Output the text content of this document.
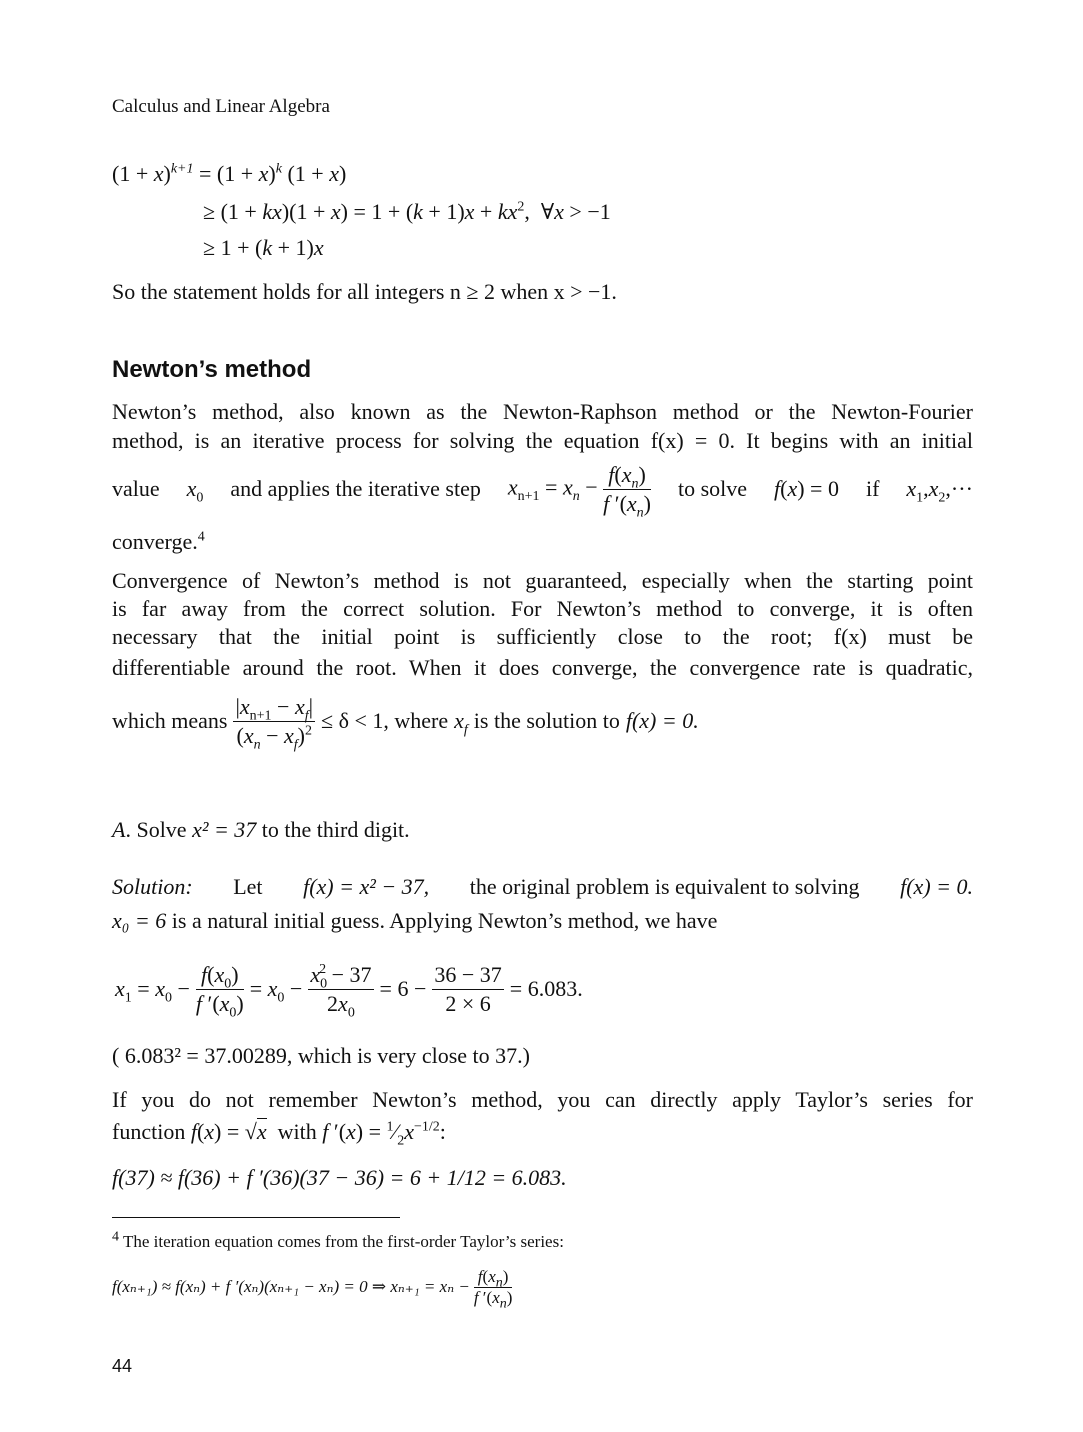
Calculus and Linear Algebra
$(1 + x)^{k+1} = (1 + x)^k$ (1 + x)
≥ $(1 + kx)(1 + x) = 1 + (k + 1)x + kx^2$,  ∀x > −1
≥ 1 + (k + 1)x
So the statement holds for all integers n ≥ 2 when x > −1.
Newton’s method
Newton’s method, also known as the Newton-Raphson method or the Newton-Fourier
method, is an iterative process for solving the equation f(x) = 0. It begins with an initial
value $x_0$ and applies the iterative step $x_{n+1} = x_n - \frac{f(x_n)}{f '(x_n)}$ to solve f(x) = 0 if $x_1,x_2,\cdot\cdot\cdot$
converge.$^4$
Convergence of Newton’s method is not guaranteed, especially when the starting point
is far away from the correct solution. For Newton’s method to converge, it is often
necessary that the initial point is sufficiently close to the root; f(x) must be
differentiable around the root. When it does converge, the convergence rate is quadratic,
which means $\frac{|x_{n+1} - x_f|}{(x_n - x_f)^2} \le \delta < 1$, where $x_f$ is the solution to f(x) = 0.
A. Solve x² = 37 to the third digit.
Solution: Let f(x) = x² − 37, the original problem is equivalent to solving f(x) = 0.
x₀ = 6 is a natural initial guess. Applying Newton’s method, we have
$x_1 = x_0 - \frac{f(x_0)}{f '(x_0)} = x_0 - \frac{x_0^2 - 37}{2x_0} = 6 - \frac{36 - 37}{2 \times 6} = 6.083$.
( 6.083² = 37.00289, which is very close to 37.)
If you do not remember Newton’s method, you can directly apply Taylor’s series for
function f(x) = √x with f $'(x) = ^1⁄_2x^{-1/2}$:
f(37) ≈ f(36) + f ′(36)(37 − 36) = 6 + 1/12 = 6.083.
$^4$ The iteration equation comes from the first-order Taylor’s series:
f(xₙ₊₁) ≈ f(xₙ) + f ′(xₙ)(xₙ₊₁ − xₙ) = 0 ⇒ $x_{n+1} = x_n - \frac{f(x_n)}{f '(x_n)}$
44
